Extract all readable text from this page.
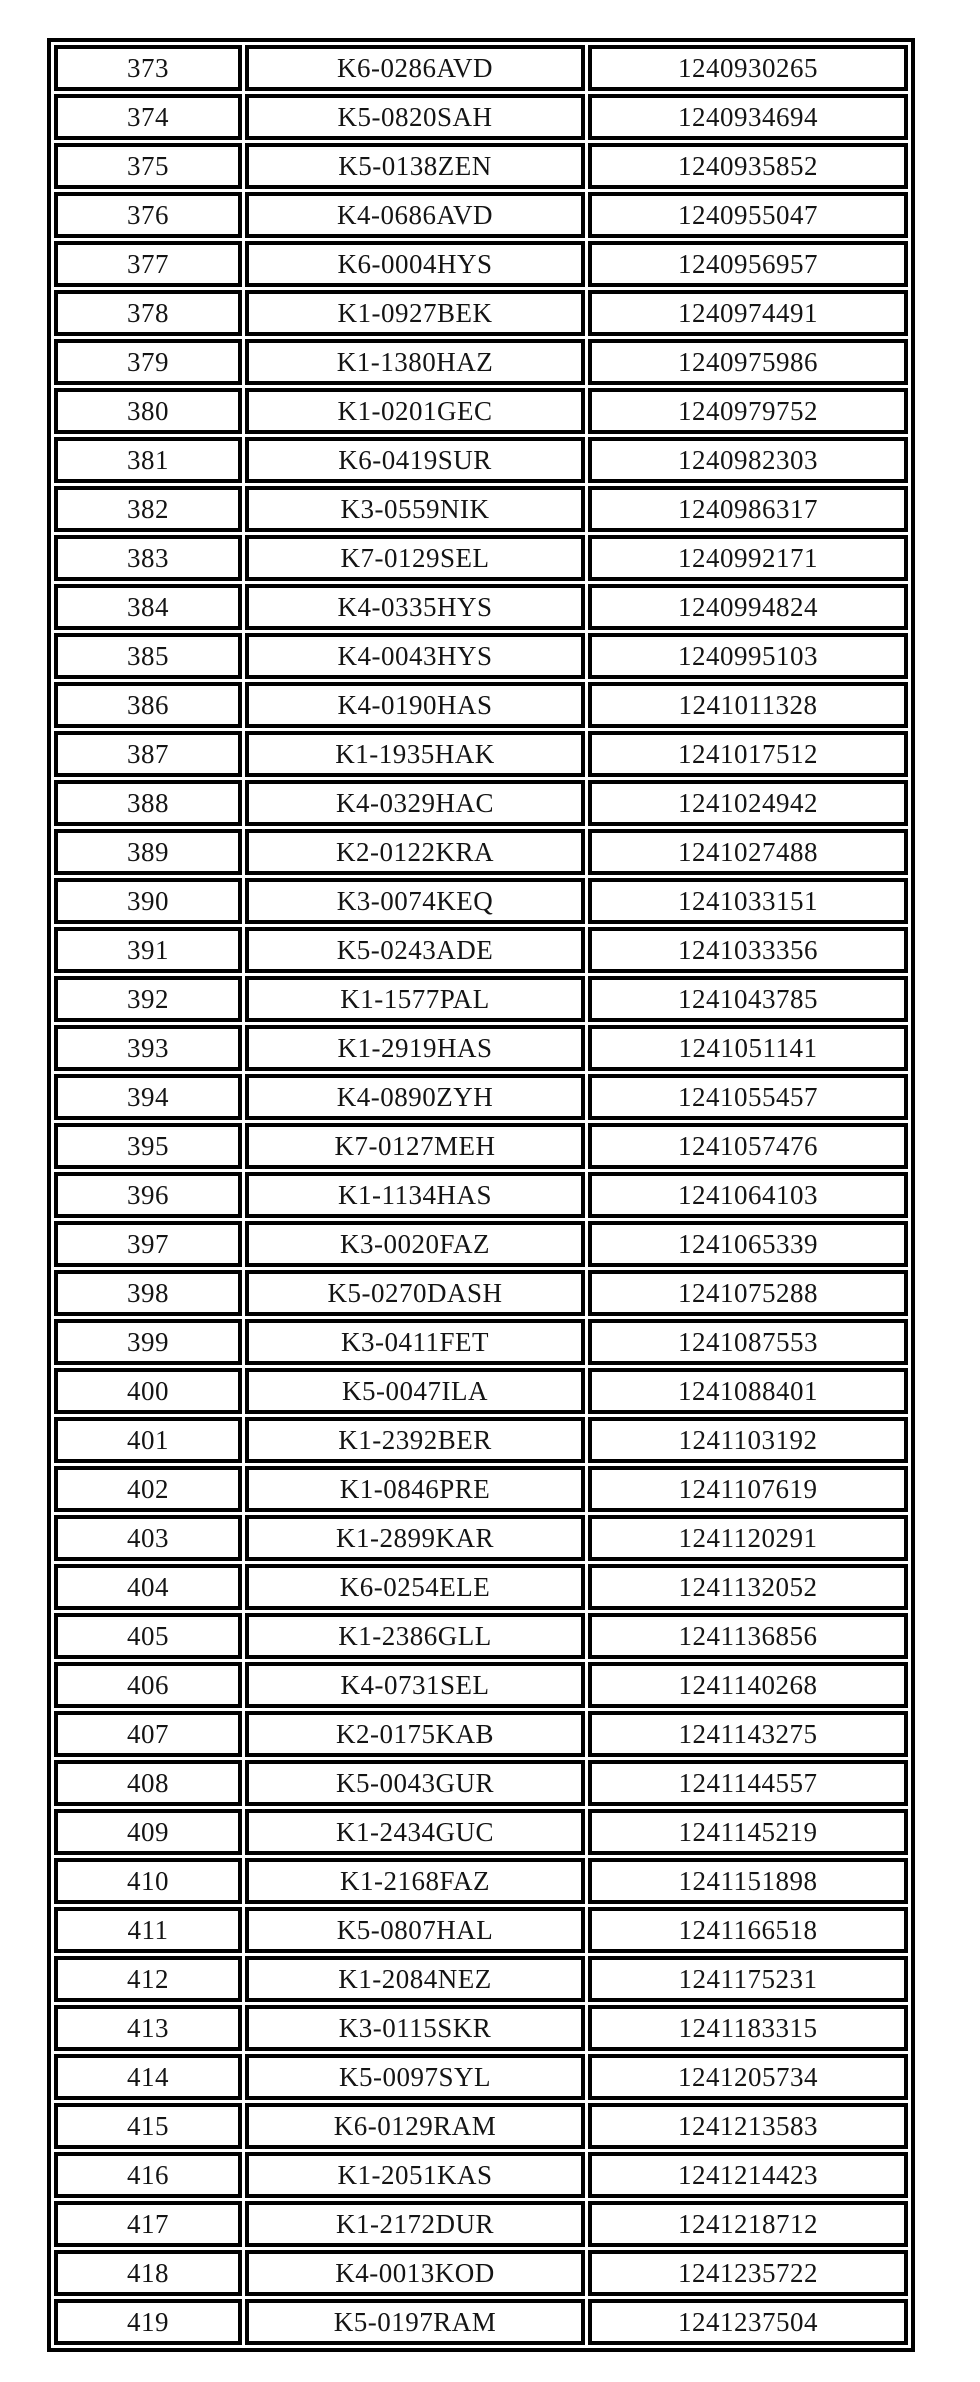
373	K6-0286AVD	1240930265
374	K5-0820SAH	1240934694
375	K5-0138ZEN	1240935852
376	K4-0686AVD	1240955047
377	K6-0004HYS	1240956957
378	K1-0927BEK	1240974491
379	K1-1380HAZ	1240975986
380	K1-0201GEC	1240979752
381	K6-0419SUR	1240982303
382	K3-0559NIK	1240986317
383	K7-0129SEL	1240992171
384	K4-0335HYS	1240994824
385	K4-0043HYS	1240995103
386	K4-0190HAS	1241011328
387	K1-1935HAK	1241017512
388	K4-0329HAC	1241024942
389	K2-0122KRA	1241027488
390	K3-0074KEQ	1241033151
391	K5-0243ADE	1241033356
392	K1-1577PAL	1241043785
393	K1-2919HAS	1241051141
394	K4-0890ZYH	1241055457
395	K7-0127MEH	1241057476
396	K1-1134HAS	1241064103
397	K3-0020FAZ	1241065339
398	K5-0270DASH	1241075288
399	K3-0411FET	1241087553
400	K5-0047ILA	1241088401
401	K1-2392BER	1241103192
402	K1-0846PRE	1241107619
403	K1-2899KAR	1241120291
404	K6-0254ELE	1241132052
405	K1-2386GLL	1241136856
406	K4-0731SEL	1241140268
407	K2-0175KAB	1241143275
408	K5-0043GUR	1241144557
409	K1-2434GUC	1241145219
410	K1-2168FAZ	1241151898
411	K5-0807HAL	1241166518
412	K1-2084NEZ	1241175231
413	K3-0115SKR	1241183315
414	K5-0097SYL	1241205734
415	K6-0129RAM	1241213583
416	K1-2051KAS	1241214423
417	K1-2172DUR	1241218712
418	K4-0013KOD	1241235722
419	K5-0197RAM	1241237504
